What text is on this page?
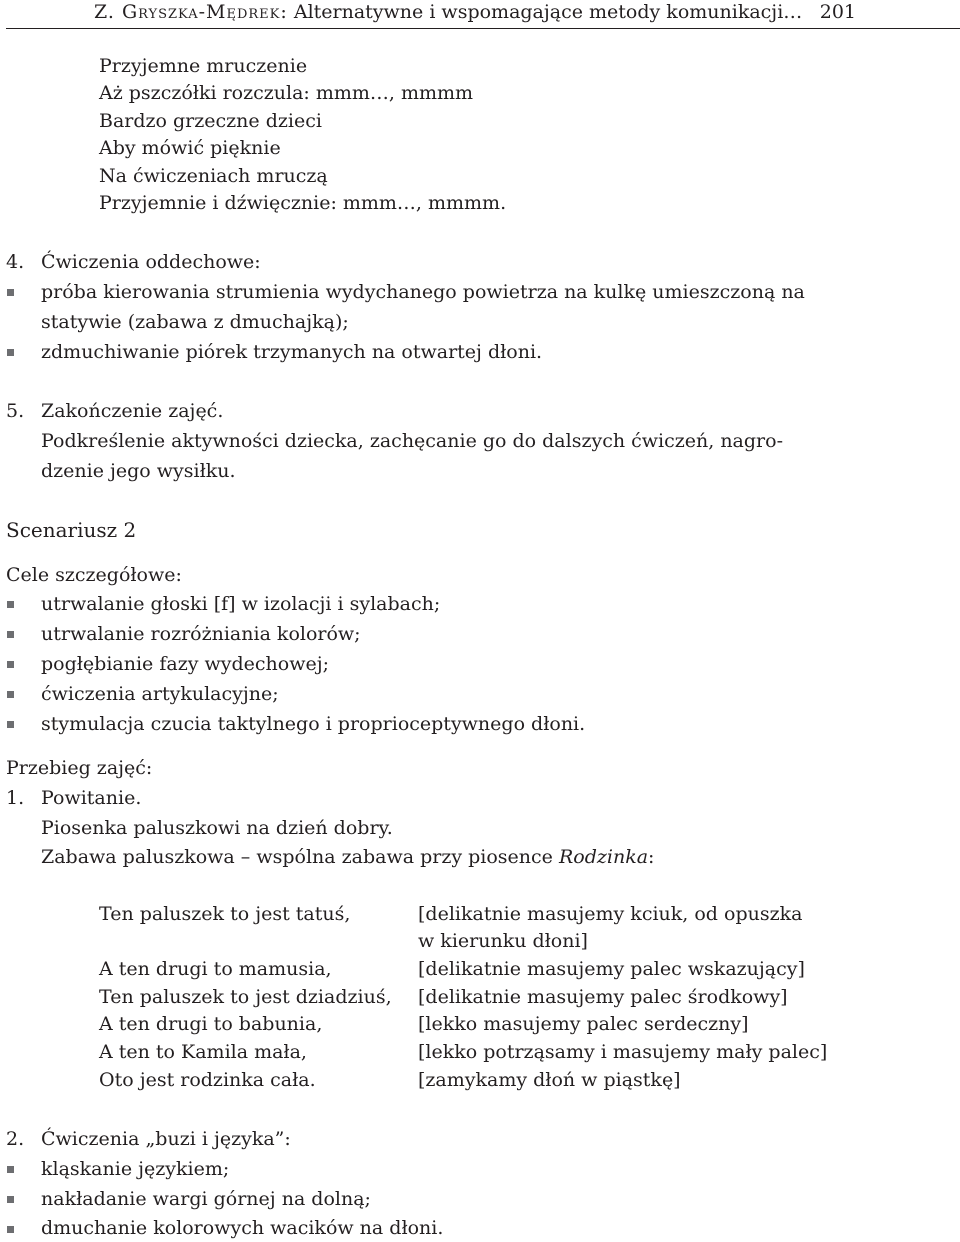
Z. Gryszka-Mędrek: Alternatywne i wspomagające metody komunikacji… 201
Przyjemne mruczenie
Aż pszczółki rozczula: mmm…, mmmm
Bardzo grzeczne dzieci
Aby mówić pięknie
Na ćwiczeniach mruczą
Przyjemnie i dźwięcznie: mmm…, mmmm.
4. Ćwiczenia oddechowe:
próba kierowania strumienia wydychanego powietrza na kulkę umieszczoną na
statywie (zabawa z dmuchajką);
zdmuchiwanie piórek trzymanych na otwartej dłoni.
5. Zakończenie zajęć.
Podkreślenie aktywności dziecka, zachęcanie go do dalszych ćwiczeń, nagro-
dzenie jego wysiłku.
Scenariusz 2
Cele szczegółowe:
utrwalanie głoski [f] w izolacji i sylabach;
utrwalanie rozróżniania kolorów;
pogłębianie fazy wydechowej;
ćwiczenia artykulacyjne;
stymulacja czucia taktylnego i proprioceptywnego dłoni.
Przebieg zajęć:
1. Powitanie.
Piosenka paluszkowi na dzień dobry.
Zabawa paluszkowa – wspólna zabawa przy piosence Rodzinka:
Ten paluszek to jest tatuś,
A ten drugi to mamusia,
Ten paluszek to jest dziadziuś,
A ten drugi to babunia,
A ten to Kamila mała,
Oto jest rodzinka cała.
[delikatnie masujemy kciuk, od opuszka
w kierunku dłoni]
[delikatnie masujemy palec wskazujący]
[delikatnie masujemy palec środkowy]
[lekko masujemy palec serdeczny]
[lekko potrząsamy i masujemy mały palec]
[zamykamy dłoń w piąstkę]
2. Ćwiczenia „buzi i języka”:
kląskanie językiem;
nakładanie wargi górnej na dolną;
dmuchanie kolorowych wacików na dłoni.
